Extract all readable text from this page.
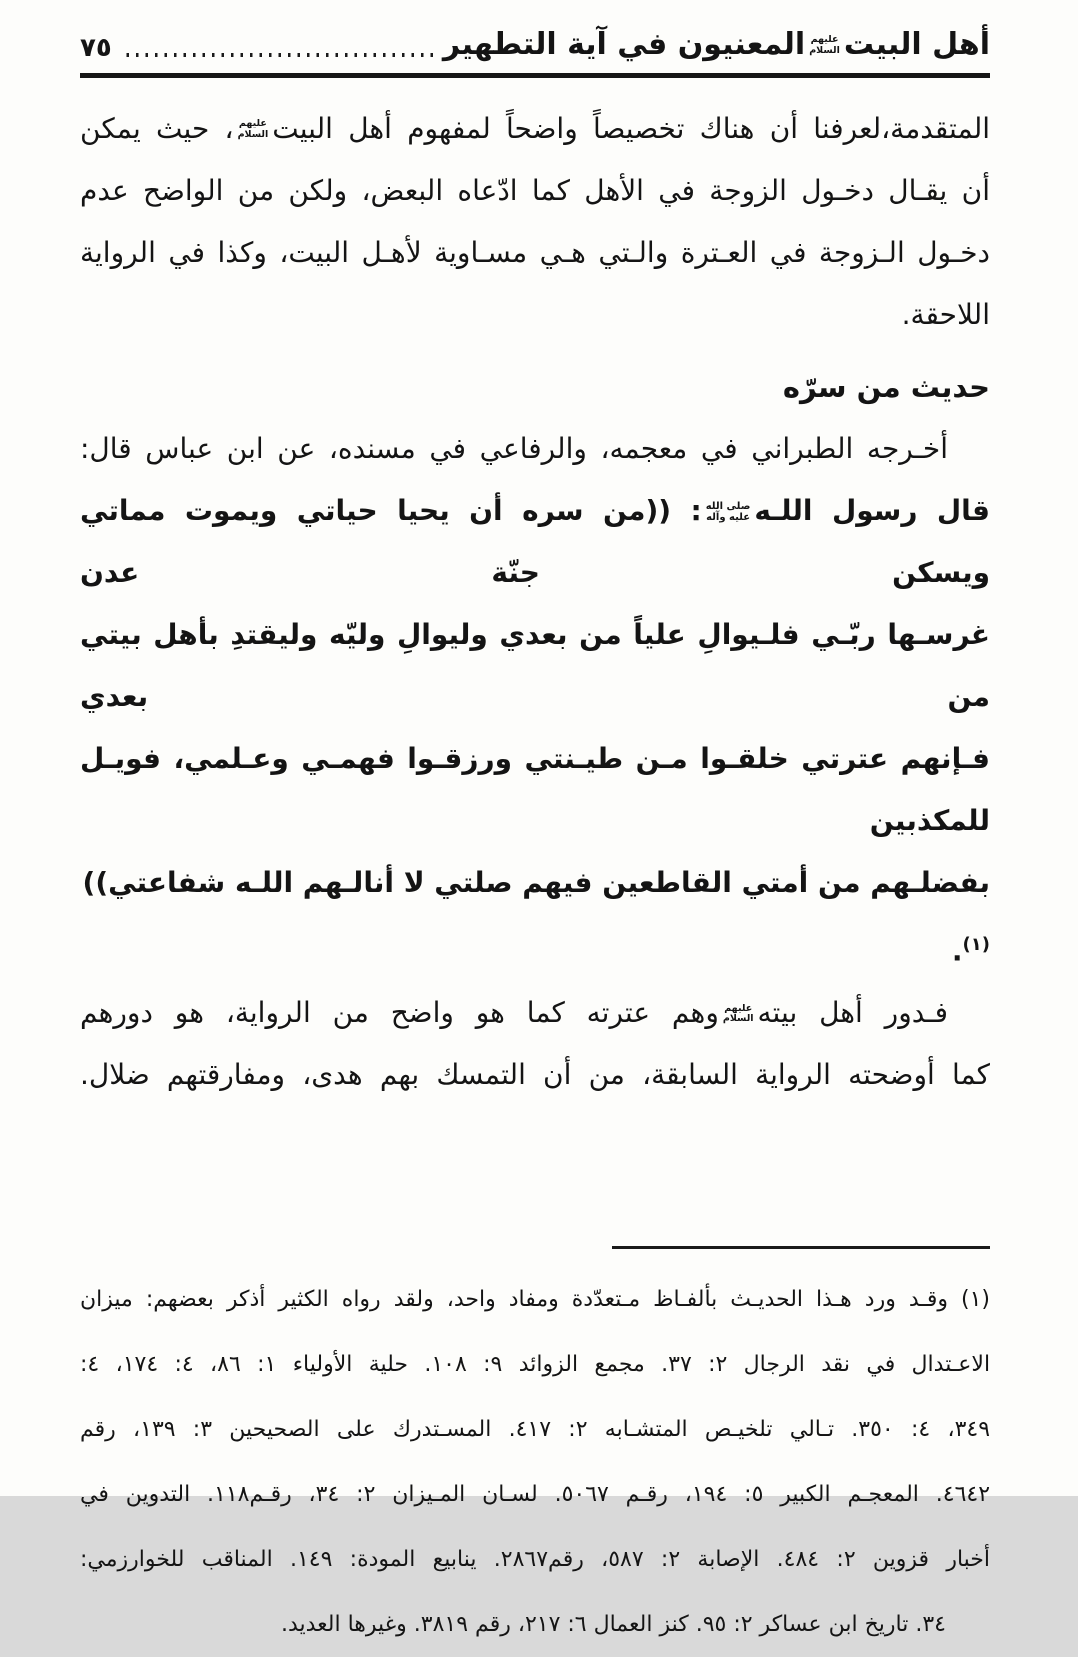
أهل البيت
عليهم
السلام
المعنيون في آية التطهير
٧٥
المتقدمة،لعرفنا أن هناك تخصيصاً واضحاً لمفهوم أهل البيت
عليهم
السلام
، حيث يمكن
أن يقـال دخـول الزوجة في الأهل كما ادّعاه البعض، ولكن من الواضح عدم
دخـول الـزوجة في العـترة والـتي هـي مسـاوية لأهـل البيت، وكذا في الرواية
اللاحقة.
حديث من سرّه
أخـرجه الطبراني في معجمه، والرفاعي في مسنده، عن ابن عباس قال:
قال رسول اللـه
صلى الله
عليه وآله
: ((من سره أن يحيا حياتي ويموت مماتي ويسكن جنّة عدن
غرسـها ربّـي فلـيوالِ علياً من بعدي وليوالِ وليّه وليقتدِ بأهل بيتي من بعدي
فـإنهم عترتي خلقـوا مـن طيـنتي ورزقـوا فهمـي وعـلمي، فويـل للمكذبين
بفضلـهم من أمتي القاطعين فيهم صلتي لا أنالـهم اللـه شفاعتي))$^{(١)}$.
فـدور أهل بيته
عليهم
السلام
وهم عترته كما هو واضح من الرواية، هو دورهم
كما أوضحته الرواية السابقة، من أن التمسك بهم هدى، ومفارقتهم ضلال.
(١) وقـد ورد هـذا الحديـث بألفـاظ مـتعدّدة ومفاد واحد، ولقد رواه الكثير أذكر بعضهم: ميزان
الاعـتدال في نقد الرجال ٢: ٣٧. مجمع الزوائد ٩: ١٠٨. حلية الأولياء ١: ٨٦، ٤: ١٧٤، ٤:
٣٤٩، ٤: ٣٥٠. تـالي تلخيـص المتشـابه ٢: ٤١٧. المسـتدرك على الصحيحين ٣: ١٣٩، رقم
٤٦٤٢. المعجـم الكبير ٥: ١٩٤، رقـم ٥٠٦٧. لسـان المـيزان ٢: ٣٤، رقـم١١٨. التدوين في
أخبار قزوين ٢: ٤٨٤. الإصابة ٢: ٥٨٧، رقم٢٨٦٧. ينابيع المودة: ١٤٩. المناقب للخوارزمي:
٣٤. تاريخ ابن عساكر ٢: ٩٥. كنز العمال ٦: ٢١٧، رقم ٣٨١٩. وغيرها العديد.
